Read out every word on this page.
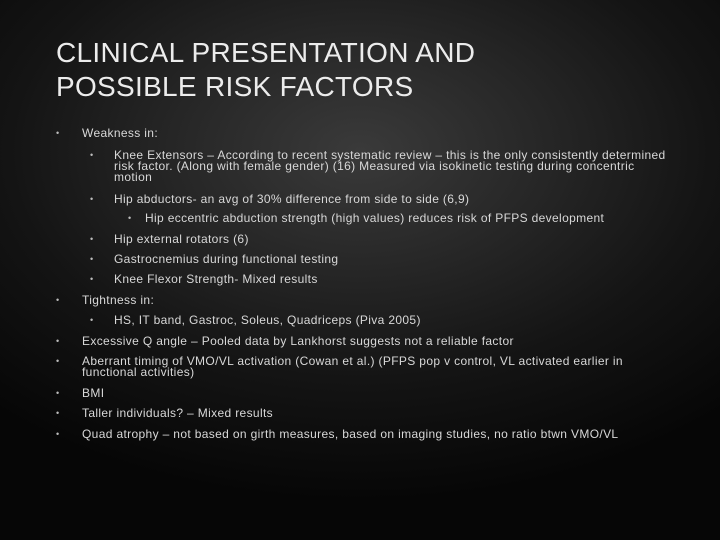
CLINICAL PRESENTATION AND
POSSIBLE RISK FACTORS
• Weakness in:
• Knee Extensors – According to recent systematic review – this is the only consistently determined risk factor. (Along with female gender) (16) Measured via isokinetic testing during concentric motion
• Hip abductors- an avg of 30% difference from side to side (6,9)
• Hip eccentric abduction strength (high values) reduces risk of PFPS development
• Hip external rotators (6)
• Gastrocnemius during functional testing
• Knee Flexor Strength- Mixed results
• Tightness in:
• HS, IT band, Gastroc, Soleus, Quadriceps (Piva 2005)
• Excessive Q angle – Pooled data by Lankhorst suggests not a reliable factor
• Aberrant timing of VMO/VL activation (Cowan et al.) (PFPS pop v control, VL activated earlier in functional activities)
• BMI
• Taller individuals? – Mixed results
• Quad atrophy – not based on girth measures, based on imaging studies, no ratio btwn VMO/VL
